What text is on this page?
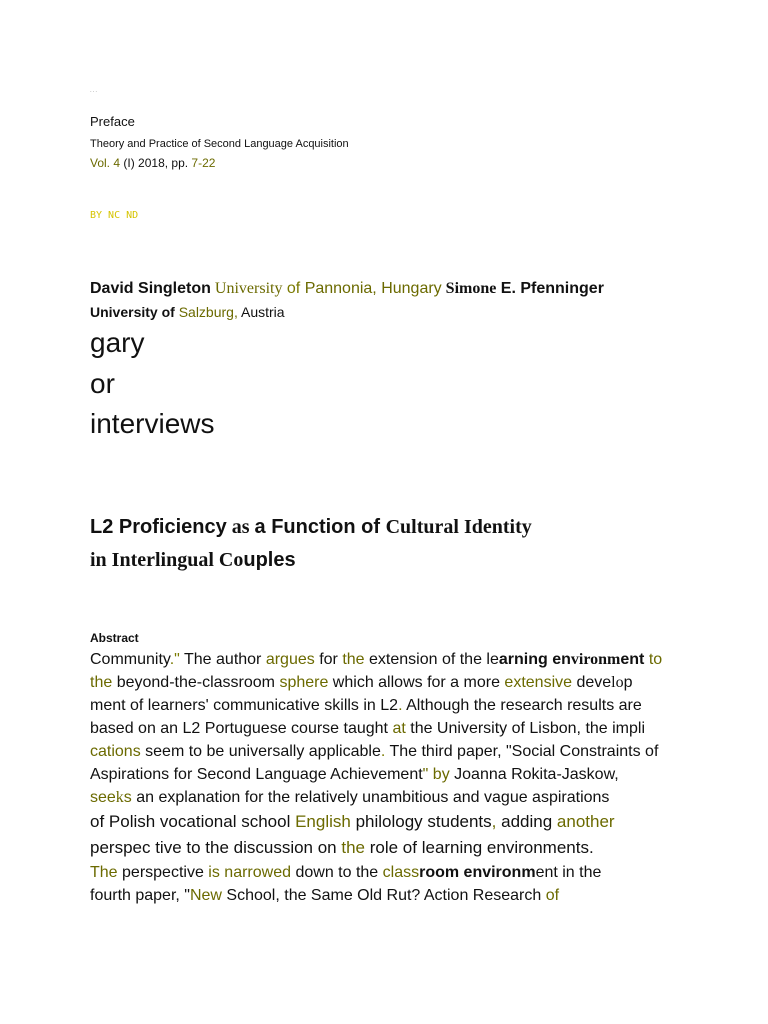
...
Preface
Theory and Practice of Second Language Acquisition
Vol. 4 (I) 2018, pp. 7-22
BY NC ND
David Singleton University of Pannonia, Hungary Simone E. Pfenninger
University of Salzburg, Austria
gary
or
interviews
L2 Proficiency as a Function of Cultural Identity
in Interlingual Couples
Abstract
Community." The author argues for the extension of the learning environment to
the beyond-the-classroom sphere which allows for a more extensive develop
ment of learners' communicative skills in L2. Although the research results are
based on an L2 Portuguese course taught at the University of Lisbon, the impli
cations seem to be universally applicable. The third paper, "Social Constraints of
Aspirations for Second Language Achievement" by Joanna Rokita-Jaskow,
seeks an explanation for the relatively unambitious and vague aspirations
of Polish vocational school English philology students, adding another
perspec tive to the discussion on the role of learning environments.
The perspective is narrowed down to the classroom environment in the
fourth paper, "New School, the Same Old Rut? Action Research of
